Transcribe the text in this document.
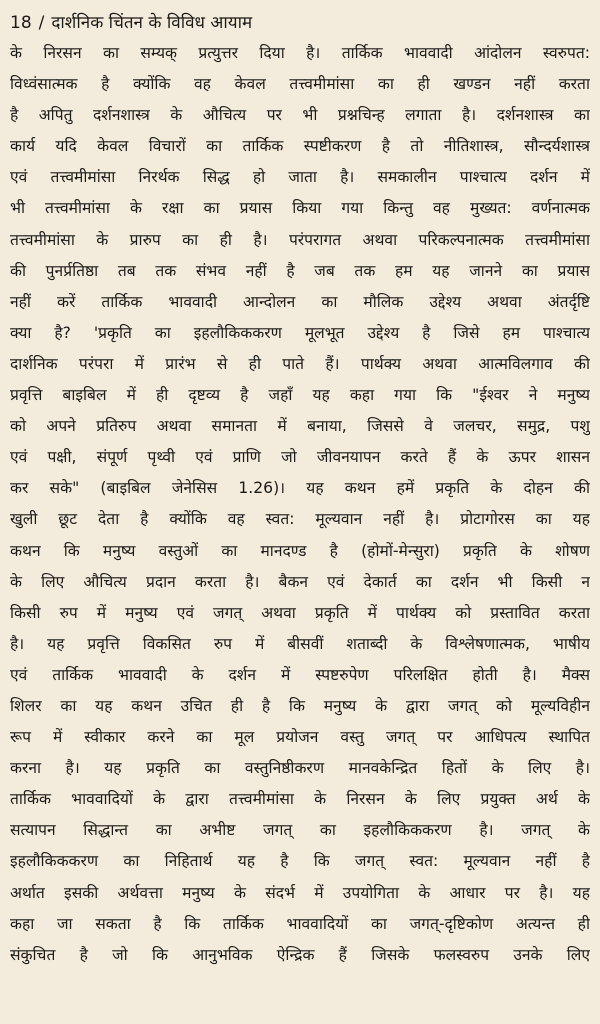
18 / दार्शनिक चिंतन के विविध आयाम
के निरसन का सम्यक् प्रत्युत्तर दिया है। तार्किक भाववादी आंदोलन स्वरुपत:
विध्वंसात्मक है क्योंकि वह केवल तत्त्वमीमांसा का ही खण्डन नहीं करता
है अपितु दर्शनशास्त्र के औचित्य पर भी प्रश्नचिन्ह लगाता है। दर्शनशास्त्र का
कार्य यदि केवल विचारों का तार्किक स्पष्टीकरण है तो नीतिशास्त्र, सौन्दर्यशास्त्र
एवं तत्त्वमीमांसा निरर्थक सिद्ध हो जाता है। समकालीन पाश्चात्य दर्शन में
भी तत्त्वमीमांसा के रक्षा का प्रयास किया गया किन्तु वह मुख्यत: वर्णनात्मक
तत्त्वमीमांसा के प्रारुप का ही है। परंपरागत अथवा परिकल्पनात्मक तत्त्वमीमांसा
की पुनर्प्रतिष्ठा तब तक संभव नहीं है जब तक हम यह जानने का प्रयास
नहीं करें तार्किक भाववादी आन्दोलन का मौलिक उद्देश्य अथवा अंतर्दृष्टि
क्या है? 'प्रकृति का इहलौकिककरण मूलभूत उद्देश्य है जिसे हम पाश्चात्य
दार्शनिक परंपरा में प्रारंभ से ही पाते हैं। पार्थक्य अथवा आत्मविलगाव की
प्रवृत्ति बाइबिल में ही दृष्टव्य है जहाँ यह कहा गया कि "ईश्वर ने मनुष्य
को अपने प्रतिरुप अथवा समानता में बनाया, जिससे वे जलचर, समुद्र, पशु
एवं पक्षी, संपूर्ण पृथ्वी एवं प्राणि जो जीवनयापन करते हैं के ऊपर शासन
कर सके" (बाइबिल जेनेसिस 1.26)। यह कथन हमें प्रकृति के दोहन की
खुली छूट देता है क्योंकि वह स्वत: मूल्यवान नहीं है। प्रोटागोरस का यह
कथन कि मनुष्य वस्तुओं का मानदण्ड है (होमों-मेन्सुरा) प्रकृति के शोषण
के लिए औचित्य प्रदान करता है। बैकन एवं देकार्त का दर्शन भी किसी न
किसी रुप में मनुष्य एवं जगत् अथवा प्रकृति में पार्थक्य को प्रस्तावित करता
है। यह प्रवृत्ति विकसित रुप में बीसवीं शताब्दी के विश्लेषणात्मक, भाषीय
एवं तार्किक भाववादी के दर्शन में स्पष्टरुपेण परिलक्षित होती है। मैक्स
शिलर का यह कथन उचित ही है कि मनुष्य के द्वारा जगत् को मूल्यविहीन
रूप में स्वीकार करने का मूल प्रयोजन वस्तु जगत् पर आधिपत्य स्थापित
करना है। यह प्रकृति का वस्तुनिष्ठीकरण मानवकेन्द्रित हितों के लिए है।
तार्किक भाववादियों के द्वारा तत्त्वमीमांसा के निरसन के लिए प्रयुक्त अर्थ के
सत्यापन सिद्धान्त का अभीष्ट जगत् का इहलौकिककरण है। जगत् के
इहलौकिककरण का निहितार्थ यह है कि जगत् स्वत: मूल्यवान नहीं है
अर्थात इसकी अर्थवत्ता मनुष्य के संदर्भ में उपयोगिता के आधार पर है। यह
कहा जा सकता है कि तार्किक भाववादियों का जगत्-दृष्टिकोण अत्यन्त ही
संकुचित है जो कि आनुभविक ऐन्द्रिक हैं जिसके फलस्वरुप उनके लिए
